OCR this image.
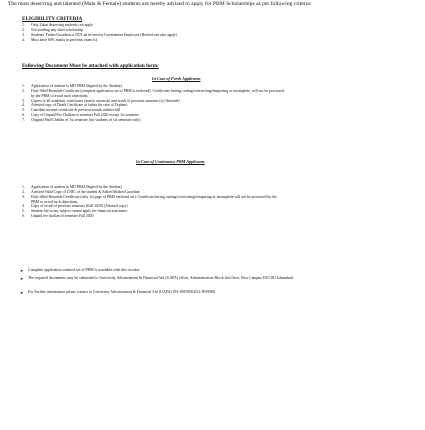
The most deserving and talented (Male & Female) students are hereby advised to apply for PBM Scholarships as per following criteria:
ELIGIBILITY CRITERIA
1.	Only Zakat deserving students can apply
2.	Not availing any other scholarship
3.	Students' Father/Guardian is NOT an in-service Government Employee (Retired can also apply)
4.	Must have 60% marks in previous exam (s).
Following Document Must be attached with application form:
In Case of Fresh Applicants
1.	Application of student to MD PBM (Signed by the Student)
2.	Duly filled Bonafide Certificate (complete application set of PBM is enclosed). Certificates having cutting/overwriting/tempering or incomplete, will not be processed by the PBM so avoid such objections.
3.	Copies of all academic certificates (matric onwards) and result of previous semester (s) (Attested)
4.	Attested copy of Death Certificate of father (in case of Orphan)
5.	Guardian income certificate & previous month utilities bill
6.	Copy of Unpaid Fee Challan of semester Fall 2020 except 1st semester
7.	Original Paid Challan of 1st semester (for students of 1st semester only)
In Case of Continuous PBM Applicants
1.	Application of student to MD PBM (Signed by the Student)
2.	Attested Valid Copy of CNIC of the student & Father/Mother/Guardian
3.	Duly filled Bonafide Certificate (only 1st page of PBM enclosed set). Certificate having cutting/overwriting/tempering or incomplete will not be processed by the PBM so avoid such objections.
4.	Copy of result of previous semester (Fall 2020) (Attested copy)
5.	Student fail in any subject cannot apply for financial assistance.
6.	Unpaid fee challan of semester Fall 2020
➤	Complete application scanned set of PBM is available with this circular.
➤	The required documents may be submitted to University Advancement & Financial Aid (UAFA) office, Administration Block 2nd floor, New Campus H10 IIU Islamabad.
➤	For Further information please contact to University Advancement & Financial Aid (UAFA) 051-9019905,051-9019906
